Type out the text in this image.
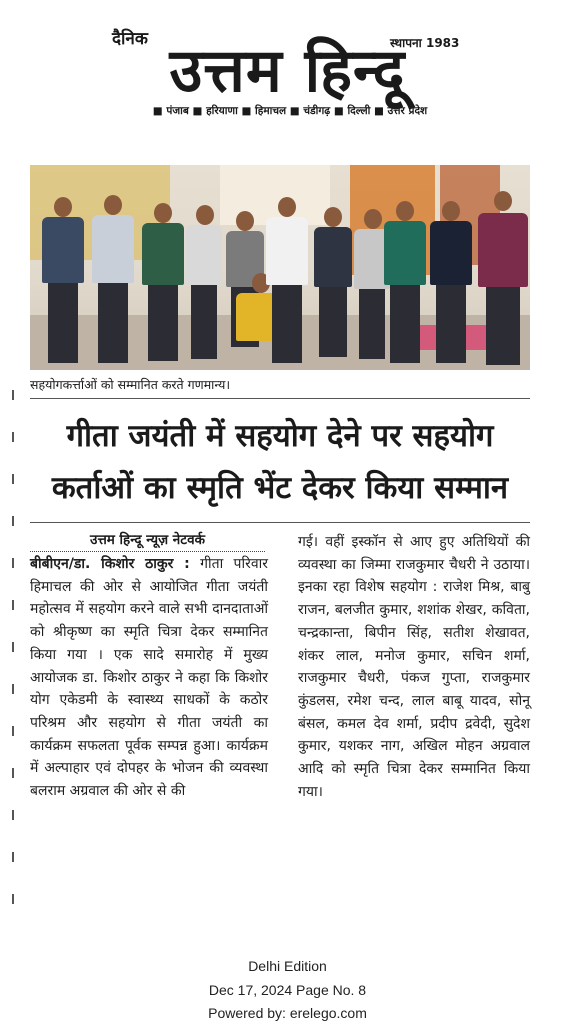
दैनिक	स्थापना 1983
उत्तम हिन्दू
■ पंजाब ■ हरियाणा ■ हिमाचल ■ चंडीगढ़ ■ दिल्ली ■ उत्तर प्रदेश
सहयोगकर्त्ताओं को सम्मानित करते गणमान्य।
गीता जयंती में सहयोग देने पर सहयोग
कर्ताओं का स्मृति भेंट देकर किया सम्मान
उत्तम हिन्दू न्यूज़ नेटवर्क

बीबीएन/डा. किशोर ठाकुर : गीता परिवार हिमाचल की ओर से आयोजित गीता जयंती महोत्सव में सहयोग करने वाले सभी दानदाताओं को श्रीकृष्ण का स्मृति चित्रा देकर सम्मानित किया गया । एक सादे समारोह में मुख्य आयोजक डा. किशोर ठाकुर ने कहा कि किशोर योग एकेडमी के स्वास्थ्य साधकों के कठोर परिश्रम और सहयोग से गीता जयंती का कार्यक्रम सफलता पूर्वक सम्पन्न हुआ। कार्यक्रम में अल्पाहार एवं दोपहर के भोजन की व्यवस्था बलराम अग्रवाल की ओर से की

गई। वहीं इस्कॉन से आए हुए अतिथियों की व्यवस्था का जिम्मा राजकुमार चैधरी ने उठाया। इनका रहा विशेष सहयोग : राजेश मिश्र, बाबु राजन, बलजीत कुमार, शशांक शेखर, कविता, चन्द्रकान्ता, बिपीन सिंह, सतीश शेखावत, शंकर लाल, मनोज कुमार, सचिन शर्मा, राजकुमार चैधरी, पंकज गुप्ता, राजकुमार कुंडलस, रमेश चन्द, लाल बाबू यादव, सोनू बंसल, कमल देव शर्मा, प्रदीप द्रवेदी, सुदेश कुमार, यशकर नाग, अखिल मोहन अग्रवाल आदि को स्मृति चित्रा देकर सम्मानित किया गया।

Delhi Edition
Dec 17, 2024 Page No. 8
Powered by: erelego.com
